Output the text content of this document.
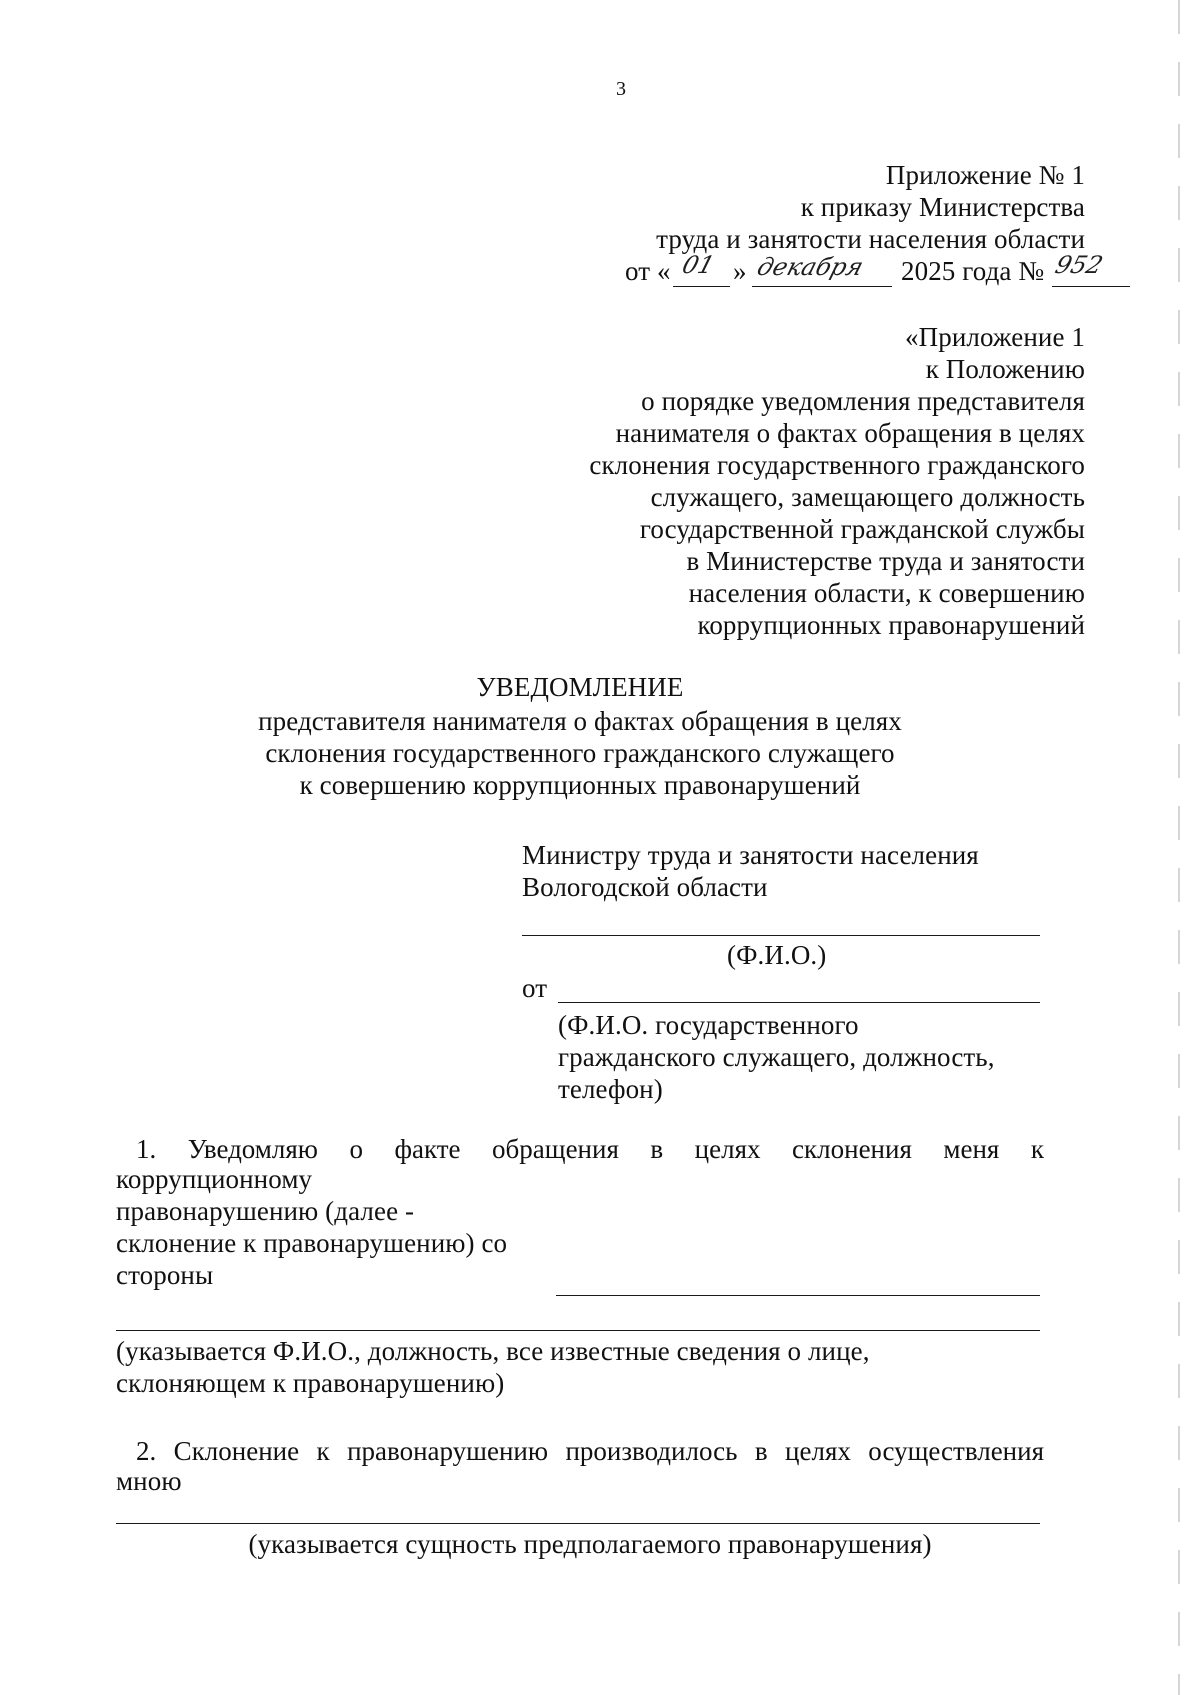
3
Приложение № 1
к приказу Министерства
труда и занятости населения области
от « 01 » декабря 2025 года № 952
«Приложение 1
к Положению
о порядке уведомления представителя
нанимателя о фактах обращения в целях
склонения государственного гражданского
служащего, замещающего должность
государственной гражданской службы
в Министерстве труда и занятости
населения области, к совершению
коррупционных правонарушений
УВЕДОМЛЕНИЕ
представителя нанимателя о фактах обращения в целях
склонения государственного гражданского служащего
к совершению коррупционных правонарушений
Министру труда и занятости населения
Вологодской области
(Ф.И.О.)
от
(Ф.И.О. государственного
гражданского служащего, должность,
телефон)
1. Уведомляю о факте обращения в целях склонения меня к
коррупционному
правонарушению (далее -
склонение к правонарушению) со
стороны
(указывается Ф.И.О., должность, все известные сведения о лице,
склоняющем к правонарушению)
2. Склонение к правонарушению производилось в целях осуществления
мною
(указывается сущность предполагаемого правонарушения)
